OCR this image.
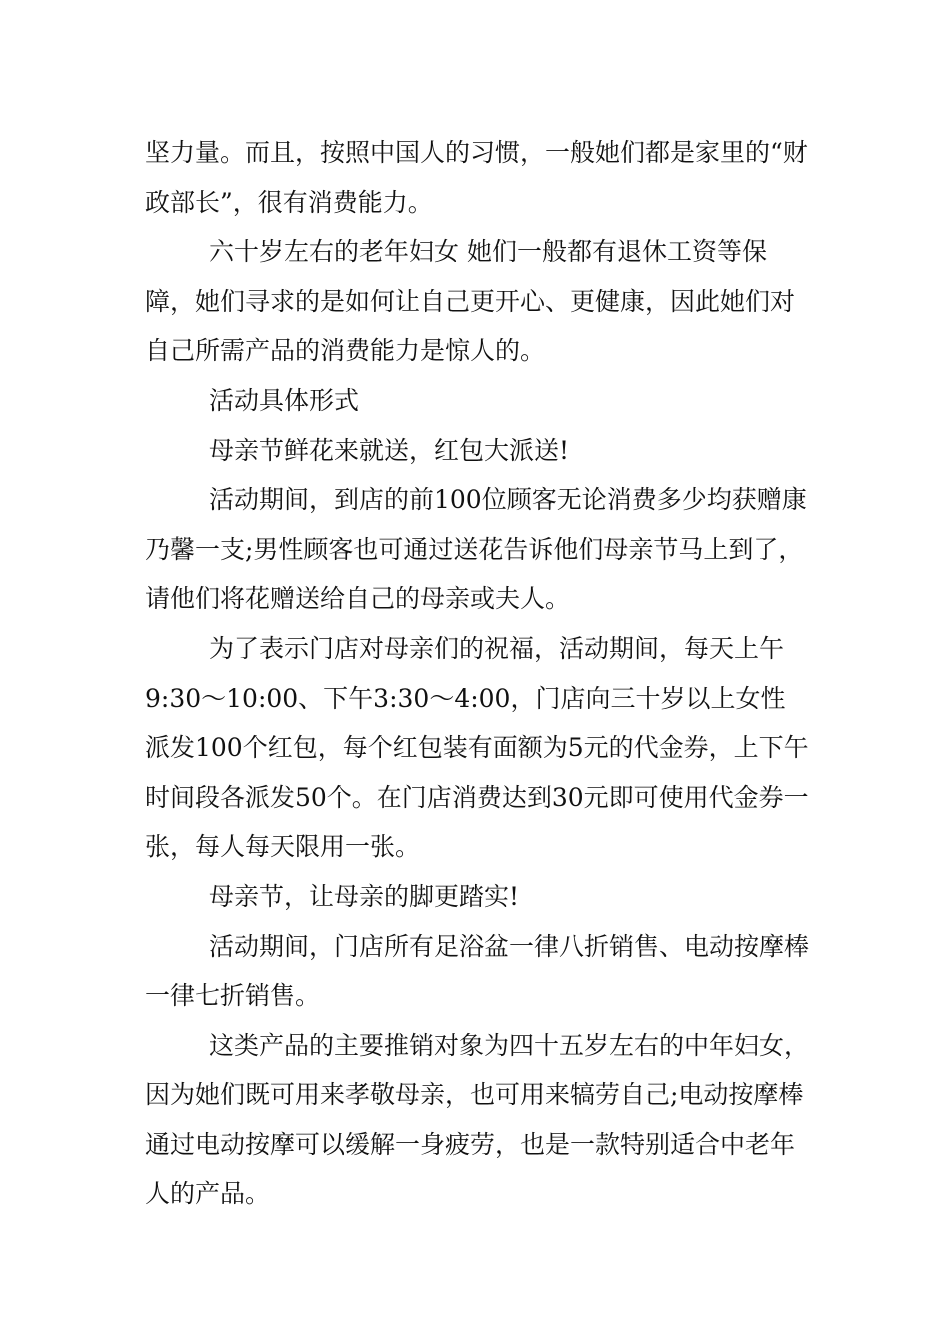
坚力量。而且，按照中国人的习惯，一般她们都是家里的“财政部长”，很有消费能力。

六十岁左右的老年妇女 她们一般都有退休工资等保障，她们寻求的是如何让自己更开心、更健康，因此她们对自己所需产品的消费能力是惊人的。

活动具体形式

母亲节鲜花来就送，红包大派送!

活动期间，到店的前100位顾客无论消费多少均获赠康乃馨一支;男性顾客也可通过送花告诉他们母亲节马上到了，请他们将花赠送给自己的母亲或夫人。

为了表示门店对母亲们的祝福，活动期间，每天上午9:30～10:00、下午3:30～4:00，门店向三十岁以上女性派发100个红包，每个红包装有面额为5元的代金券，上下午时间段各派发50个。在门店消费达到30元即可使用代金券一张，每人每天限用一张。

母亲节，让母亲的脚更踏实!

活动期间，门店所有足浴盆一律八折销售、电动按摩棒一律七折销售。

这类产品的主要推销对象为四十五岁左右的中年妇女，因为她们既可用来孝敬母亲，也可用来犒劳自己;电动按摩棒通过电动按摩可以缓解一身疲劳，也是一款特别适合中老年人的产品。
